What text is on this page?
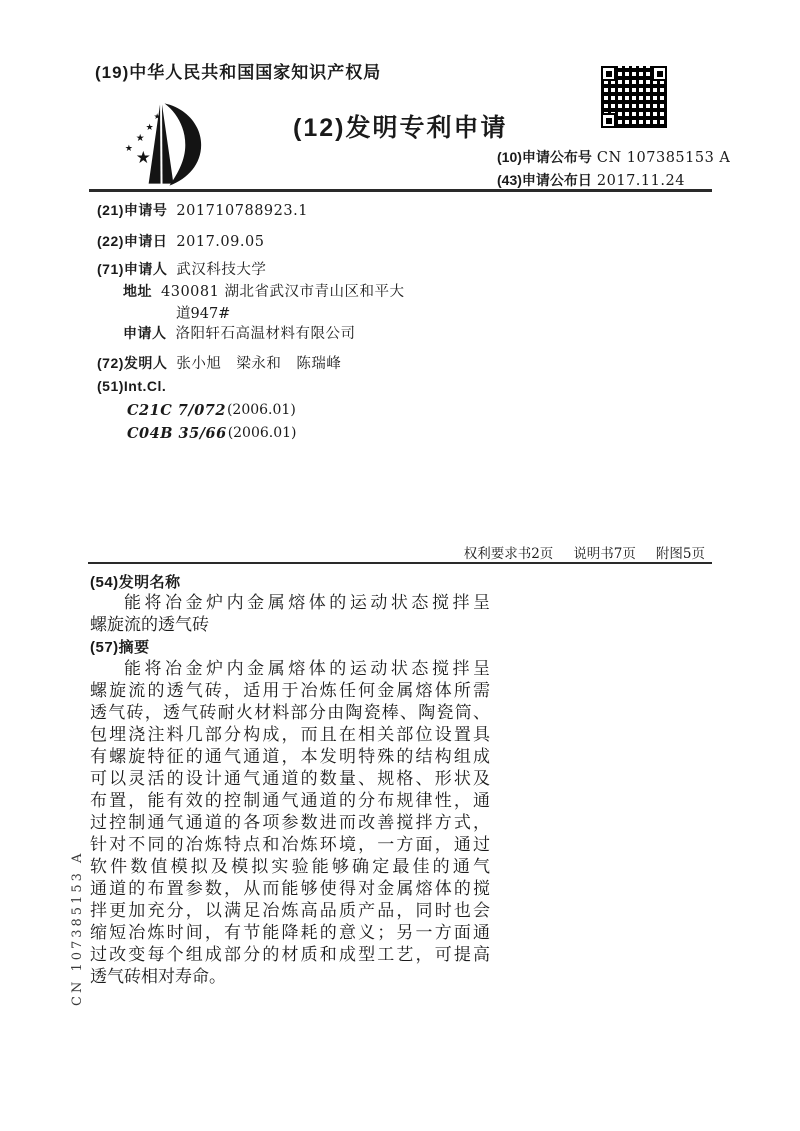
(19)中华人民共和国国家知识产权局
★
★
★
★
★	(12)发明专利申请
(10)申请公布号 CN 107385153 A
(43)申请公布日 2017.11.24
(21)申请号 201710788923.1
(22)申请日 2017.09.05
(71)申请人 武汉科技大学
地址 430081 湖北省武汉市青山区和平大
道947#
申请人 洛阳轩石高温材料有限公司
(72)发明人 张小旭　梁永和　陈瑞峰
(51)Int.Cl.
C21C 7/072 (2006.01)
C04B 35/66 (2006.01)
权利要求书2页 说明书7页 附图5页
(54)发明名称
能将冶金炉内金属熔体的运动状态搅拌呈
螺旋流的透气砖
(57)摘要
能将冶金炉内金属熔体的运动状态搅拌呈
螺旋流的透气砖，适用于冶炼任何金属熔体所需
透气砖，透气砖耐火材料部分由陶瓷棒、陶瓷筒、
包埋浇注料几部分构成，而且在相关部位设置具
有螺旋特征的通气通道，本发明特殊的结构组成
可以灵活的设计通气通道的数量、规格、形状及
布置，能有效的控制通气通道的分布规律性，通
过控制通气通道的各项参数进而改善搅拌方式，
针对不同的冶炼特点和冶炼环境，一方面，通过
软件数值模拟及模拟实验能够确定最佳的通气
通道的布置参数，从而能够使得对金属熔体的搅
拌更加充分，以满足冶炼高品质产品，同时也会
缩短冶炼时间，有节能降耗的意义；另一方面通
过改变每个组成部分的材质和成型工艺，可提高
透气砖相对寿命。
CN 107385153 A
